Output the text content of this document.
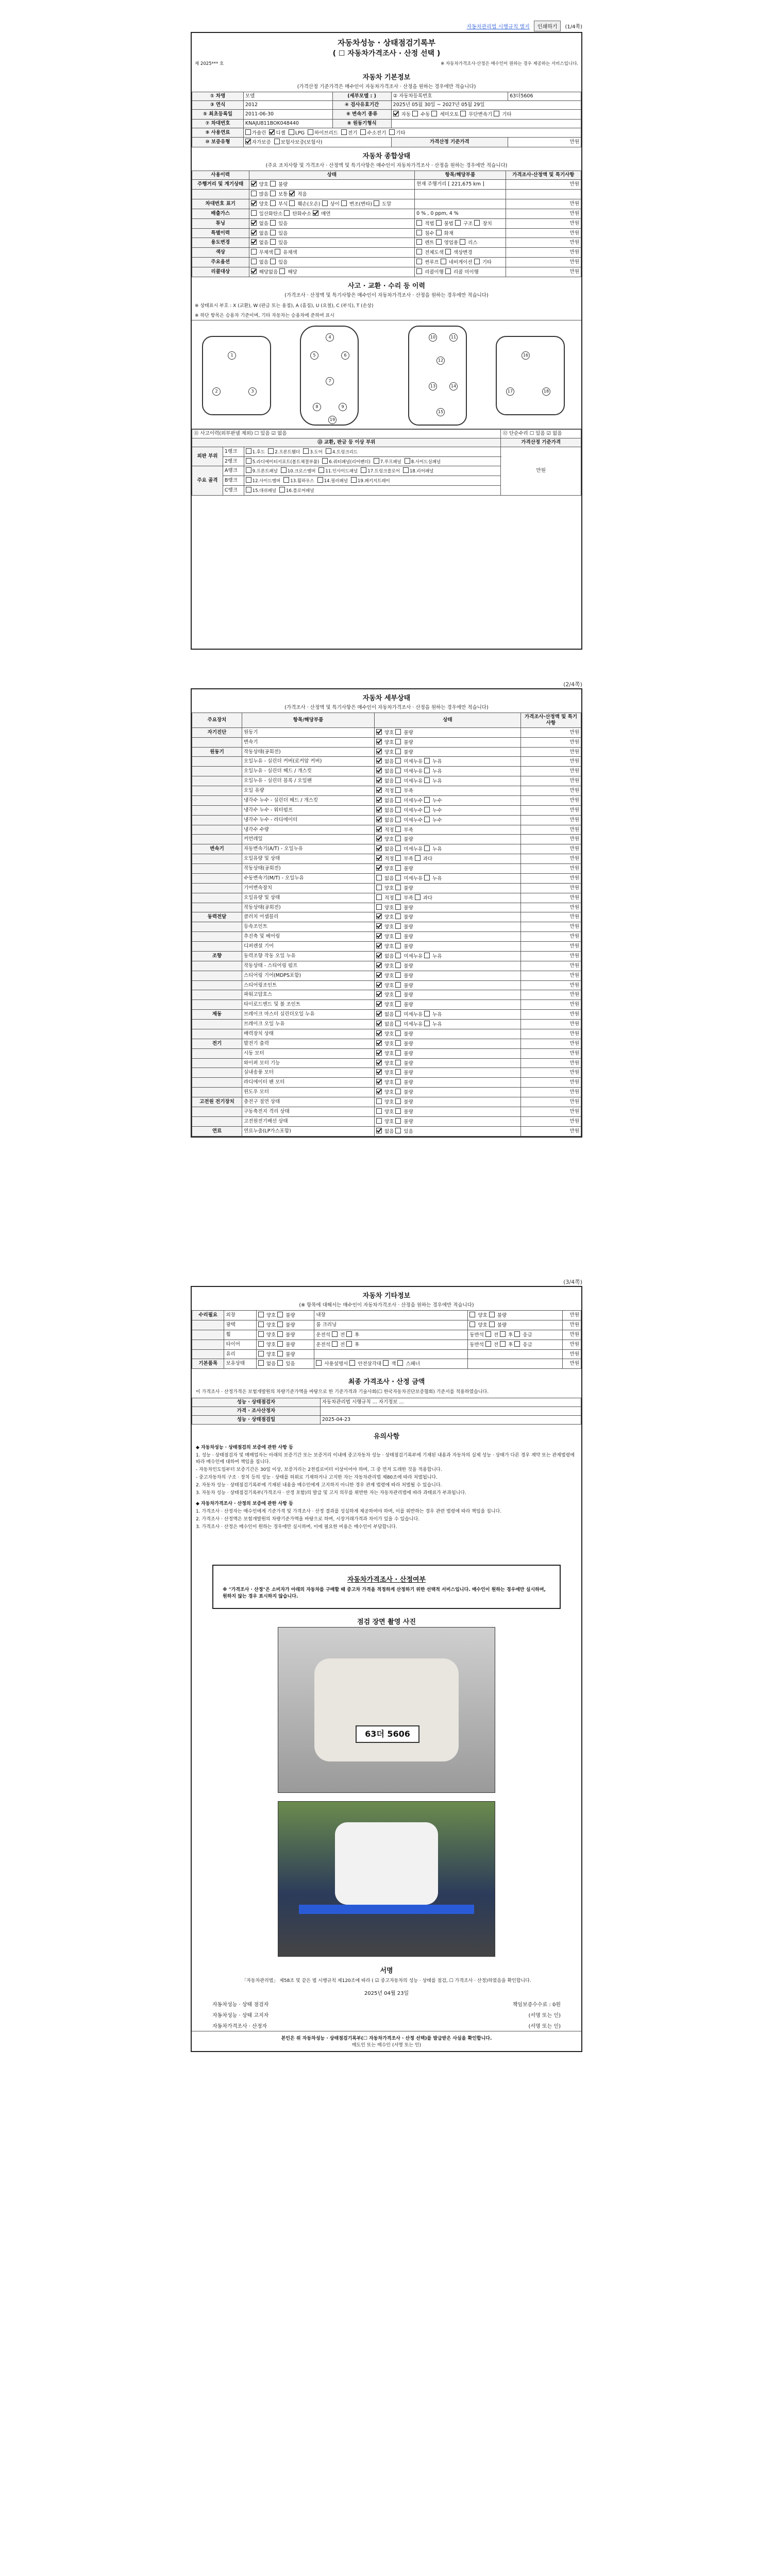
자동차관리법 시행규칙 별지	인쇄하기	(1/4쪽)
자동차성능 · 상태점검기록부
( ☐ 자동차가격조사 · 산정 선택 )
제 2025*** 호	※ 자동차가격조사·산정은 매수인이 원하는 경우 제공하는 서비스입니다.
자동차 기본정보
(가격산정 기준가격은 매수인이 자동차가격조사 · 산정을 원하는 경우에만 적습니다)
① 차명	모델	(세부모델 : )	② 자동차등록번호	63더5606
③ 연식	2012	④ 검사유효기간	2025년 05월 30일 ~ 2027년 05월 29일	
⑤ 최초등록일	2011-06-30	⑥ 변속기 종류	자동  수동  세미오토  무단변속기  기타	
⑦ 차대번호	KNAJU811BOK048440	⑧ 원동기형식		
⑨ 사용연료	가솔린 디젤 LPG 하이브리드 전기 수소전기 기타			
⑩ 보증유형	자가보증 보험사보증(보험사)		가격산정 기준가격	만원
자동차 종합상태
(주요 조치사항 및 가격조사 · 산정액 및 특기사항은 매수인이 자동차가격조사 · 산정을 원하는 경우에만 적습니다)
사용이력	상태	항목/해당부품	가격조사·산정액 및 특기사항
주행거리 및 계기상태	양호  불량	현재 주행거리 [ 221,675 km ]	만원
	많음  보통  적음		
차대번호 표기	양호  부식  훼손(오손)  상이  변조(변타)  도말		만원
배출가스	일산화탄소  탄화수소  매연	0 % , 0 ppm, 4 %	만원
튜닝	없음  있음	적법  불법  구조  장치	만원
특별이력	없음  있음	침수  화재	만원
용도변경	없음  있음	렌트  영업용  리스	만원
색상	무채색  유채색	전체도색  색상변경	만원
주요옵션	없음  있음	썬루프  네비게이션  기타	만원
리콜대상	해당없음  해당	리콜이행  리콜 미이행	만원
사고 · 교환 · 수리 등 이력
(가격조사 · 산정액 및 특기사항은 매수인이 자동차가격조사 · 산정을 원하는 경우에만 적습니다)
※ 상태표시 부호 : X (교환), W (판금 또는 용접), A (흠집), U (요철), C (부식), T (손상)
※ 하단 항목은 승용차 기준이며, 기타 자동차는 승용차에 준하여 표시
1
2	3
4
5	6
7
8	9
10	11
12
13	14
15
16
17	18
19
⑪ 사고이력(외부판넬 제외) ☐ 있음 ☑ 없음			⑫ 단순수리 ☐ 있음 ☑ 없음
⑬ 교환, 판금 등 이상 부위			가격산정 기준가격
외판 부위	1랭크	1.후드 2.프론트휀더 3.도어 4.트렁크리드	만원
	2랭크	5.라디에이터서포트(볼트체결부품) 6.쿼터패널(리어펜더) 7.루프패널 8.사이드실패널	
주요 골격	A랭크	9.프론트패널 10.크로스멤버 11.인사이드패널 17.트렁크플로어 18.리어패널	
	B랭크	12.사이드멤버 13.휠하우스 14.필러패널 19.패키지트레이	
	C랭크	15.대쉬패널 16.플로어패널	
(2/4쪽)
자동차 세부상태
(가격조사 · 산정액 및 특기사항은 매수인이 자동차가격조사 · 산정을 원하는 경우에만 적습니다)
주요장치	항목/해당부품	상태	가격조사·산정액 및 특기사항
자기진단	원동기	양호  불량	만원
	변속기	양호  불량	만원
원동기	작동상태(공회전)	양호  불량	만원
	오일누유 - 실린더 커버(로커암 커버)	없음  미세누유  누유	만원
	오일누유 - 실린더 헤드 / 개스킷	없음  미세누유  누유	만원
	오일누유 - 실린더 블록 / 오일팬	없음  미세누유  누유	만원
	오일 유량	적정  부족	만원
	냉각수 누수 - 실린더 헤드 / 개스킷	없음  미세누수  누수	만원
	냉각수 누수 - 워터펌프	없음  미세누수  누수	만원
	냉각수 누수 - 라디에이터	없음  미세누수  누수	만원
	냉각수 수량	적정  부족	만원
	커먼레일	양호  불량	만원
변속기	자동변속기(A/T) - 오일누유	없음  미세누유  누유	만원
	오일유량 및 상태	적정  부족  과다	만원
	작동상태(공회전)	양호  불량	만원
	수동변속기(M/T) - 오일누유	없음  미세누유  누유	만원
	기어변속장치	양호  불량	만원
	오일유량 및 상태	적정  부족  과다	만원
	작동상태(공회전)	양호  불량	만원
동력전달	클러치 어셈블리	양호  불량	만원
	등속조인트	양호  불량	만원
	추진축 및 베어링	양호  불량	만원
	디퍼렌셜 기어	양호  불량	만원
조향	동력조향 작동 오일 누유	없음  미세누유  누유	만원
	작동상태 - 스티어링 펌프	양호  불량	만원
	스티어링 기어(MDPS포함)	양호  불량	만원
	스티어링조인트	양호  불량	만원
	파워고압호스	양호  불량	만원
	타이로드엔드 및 볼 조인트	양호  불량	만원
제동	브레이크 마스터 실린더오일 누유	없음  미세누유  누유	만원
	브레이크 오일 누유	없음  미세누유  누유	만원
	배력장치 상태	양호  불량	만원
전기	발전기 출력	양호  불량	만원
	시동 모터	양호  불량	만원
	와이퍼 모터 기능	양호  불량	만원
	실내송풍 모터	양호  불량	만원
	라디에이터 팬 모터	양호  불량	만원
	윈도우 모터	양호  불량	만원
고전원 전기장치	충전구 절연 상태	양호  불량	만원
	구동축전지 격리 상태	양호  불량	만원
	고전원전기배선 상태	양호  불량	만원
연료	연료누출(LP가스포함)	없음  있음	만원
(3/4쪽)
자동차 기타정보
(※ 항목에 대해서는 매수인이 자동차가격조사 · 산정을 원하는 경우에만 적습니다)
수리필요	외장	양호  불량	내장	양호  불량	만원
	광택	양호  불량	룸 크리닝	양호  불량	만원
	휠	양호  불량	운전석  전  후	동반석  전  후  응급	만원
	타이어	양호  불량	운전석  전  후	동반석  전  후  응급	만원
	유리	양호  불량			만원
기본품목	보유상태	없음  있음	사용설명서  안전삼각대  잭  스패너		만원
최종 가격조사 · 산정 금액
이 가격조사 · 산정가격은 보험개발원의 차량기준가액을 바탕으로 한 기준가격과 기술사회(☐ 한국자동차진단보증협회) 기준서를 적용하였습니다.
성능 · 상태점검자	자동차관리법 시행규칙 ... 자기정보 ...
가격 · 조사산정자	
성능 · 상태점검일	2025-04-23
유의사항

◆ 자동차성능 · 상태점검의 보증에 관한 사항 등

1. 성능 · 상태점검자 및 매매업자는 아래의 보증기간 또는 보증거리 이내에 중고자동차 성능 · 상태점검기록부에 기재된 내용과 자동차의 실제 성능 · 상태가 다른 경우 계약 또는 관계법령에 따라 매수인에 대하여 책임을 집니다.

- 자동차인도일부터 보증기간은 30일 이상, 보증거리는 2천킬로미터 이상이어야 하며, 그 중 먼저 도래한 것을 적용합니다.

- 중고자동차의 구조 · 장치 등의 성능 · 상태를 허위로 기재하거나 고지한 자는 자동차관리법 제80조에 따라 처벌됩니다.

2. 자동차 성능 · 상태점검기록부에 기재된 내용을 매수인에게 고지하지 아니한 경우 관계 법령에 따라 처벌될 수 있습니다.

3. 자동차 성능 · 상태점검기록부(가격조사 · 산정 포함)의 발급 및 고지 의무를 위반한 자는 자동차관리법에 따라 과태료가 부과됩니다.

◆ 자동차가격조사 · 산정의 보증에 관한 사항 등

1. 가격조사 · 산정자는 매수인에게 기준가격 및 가격조사 · 산정 결과를 성실하게 제공하여야 하며, 이를 위반하는 경우 관련 법령에 따라 책임을 집니다.

2. 가격조사 · 산정액은 보험개발원의 차량기준가액을 바탕으로 하며, 시장거래가격과 차이가 있을 수 있습니다.

3. 가격조사 · 산정은 매수인이 원하는 경우에만 실시하며, 이에 필요한 비용은 매수인이 부담합니다.

자동차가격조사 · 산정여부
※ "가격조사 · 산정"은 소비자가 아래의 자동차를 구매할 때 중고차 가격을 적정하게 산정하기 위한 선택적 서비스입니다. 매수인이 원하는 경우에만 실시하며, 원하지 않는 경우 표시하지 않습니다.
점검 장면 촬영 사진
63더 5606
서명
「자동차관리법」 제58조 및 같은 법 시행규칙 제120조에 따라 ( ☑ 중고자동차의 성능 · 상태를 점검, ☐ 가격조사 · 산정)하였음을 확인합니다.
2025년 04월 23일
자동차성능 · 상태 점검자	책임보증수수료 : 0원
자동차성능 · 상태 고지자	(서명 또는 인)
자동차가격조사 · 산정자	(서명 또는 인)
본인은 위 자동차성능 · 상태점검기록부(☐ 자동차가격조사 · 산정 선택)를 발급받은 사실을 확인합니다.
매도인 또는 매수인 (서명 또는 인)
